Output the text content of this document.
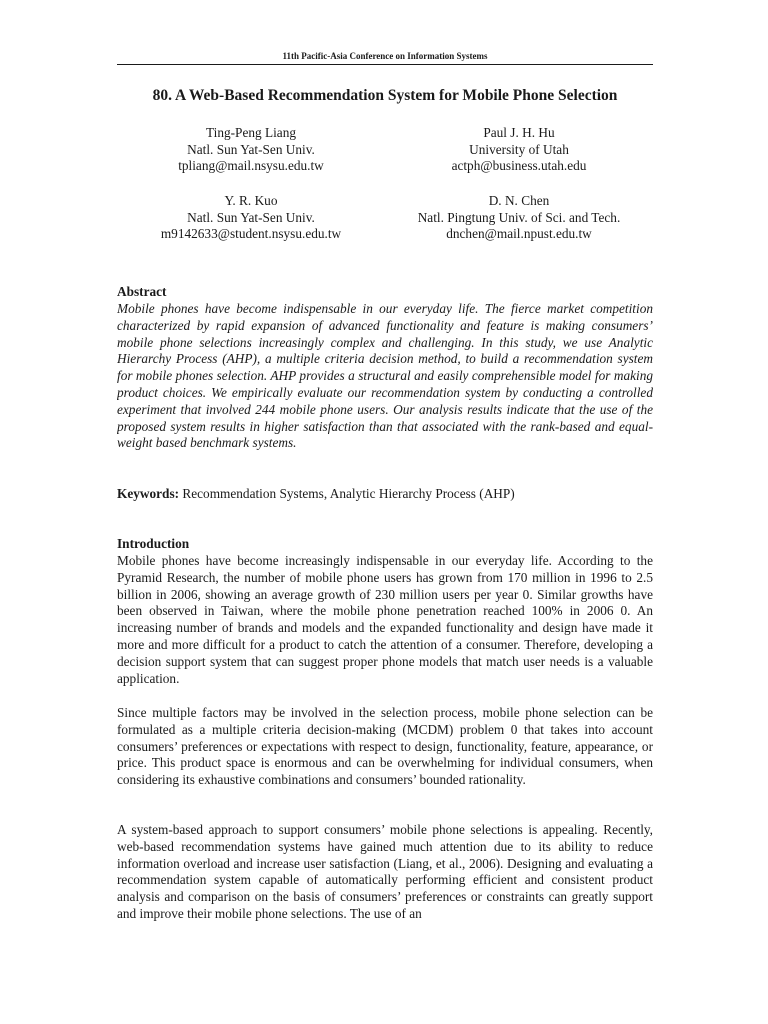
11th Pacific-Asia Conference on Information Systems
80. A Web-Based Recommendation System for Mobile Phone Selection
Ting-Peng Liang
Natl. Sun Yat-Sen Univ.
tpliang@mail.nsysu.edu.tw
Paul J. H. Hu
University of Utah
actph@business.utah.edu
Y. R. Kuo
Natl. Sun Yat-Sen Univ.
m9142633@student.nsysu.edu.tw
D. N. Chen
Natl. Pingtung Univ. of Sci. and Tech.
dnchen@mail.npust.edu.tw
Abstract
Mobile phones have become indispensable in our everyday life. The fierce market competition characterized by rapid expansion of advanced functionality and feature is making consumers’ mobile phone selections increasingly complex and challenging. In this study, we use Analytic Hierarchy Process (AHP), a multiple criteria decision method, to build a recommendation system for mobile phones selection. AHP provides a structural and easily comprehensible model for making product choices. We empirically evaluate our recommendation system by conducting a controlled experiment that involved 244 mobile phone users. Our analysis results indicate that the use of the proposed system results in higher satisfaction than that associated with the rank-based and equal-weight based benchmark systems.
Keywords: Recommendation Systems, Analytic Hierarchy Process (AHP)
Introduction
Mobile phones have become increasingly indispensable in our everyday life. According to the Pyramid Research, the number of mobile phone users has grown from 170 million in 1996 to 2.5 billion in 2006, showing an average growth of 230 million users per year 0. Similar growths have been observed in Taiwan, where the mobile phone penetration reached 100% in 2006 0. An increasing number of brands and models and the expanded functionality and design have made it more and more difficult for a product to catch the attention of a consumer. Therefore, developing a decision support system that can suggest proper phone models that match user needs is a valuable application.
Since multiple factors may be involved in the selection process, mobile phone selection can be formulated as a multiple criteria decision-making (MCDM) problem 0 that takes into account consumers’ preferences or expectations with respect to design, functionality, feature, appearance, or price. This product space is enormous and can be overwhelming for individual consumers, when considering its exhaustive combinations and consumers’ bounded rationality.
A system-based approach to support consumers’ mobile phone selections is appealing. Recently, web-based recommendation systems have gained much attention due to its ability to reduce information overload and increase user satisfaction (Liang, et al., 2006). Designing and evaluating a recommendation system capable of automatically performing efficient and consistent product analysis and comparison on the basis of consumers’ preferences or constraints can greatly support and improve their mobile phone selections. The use of an
